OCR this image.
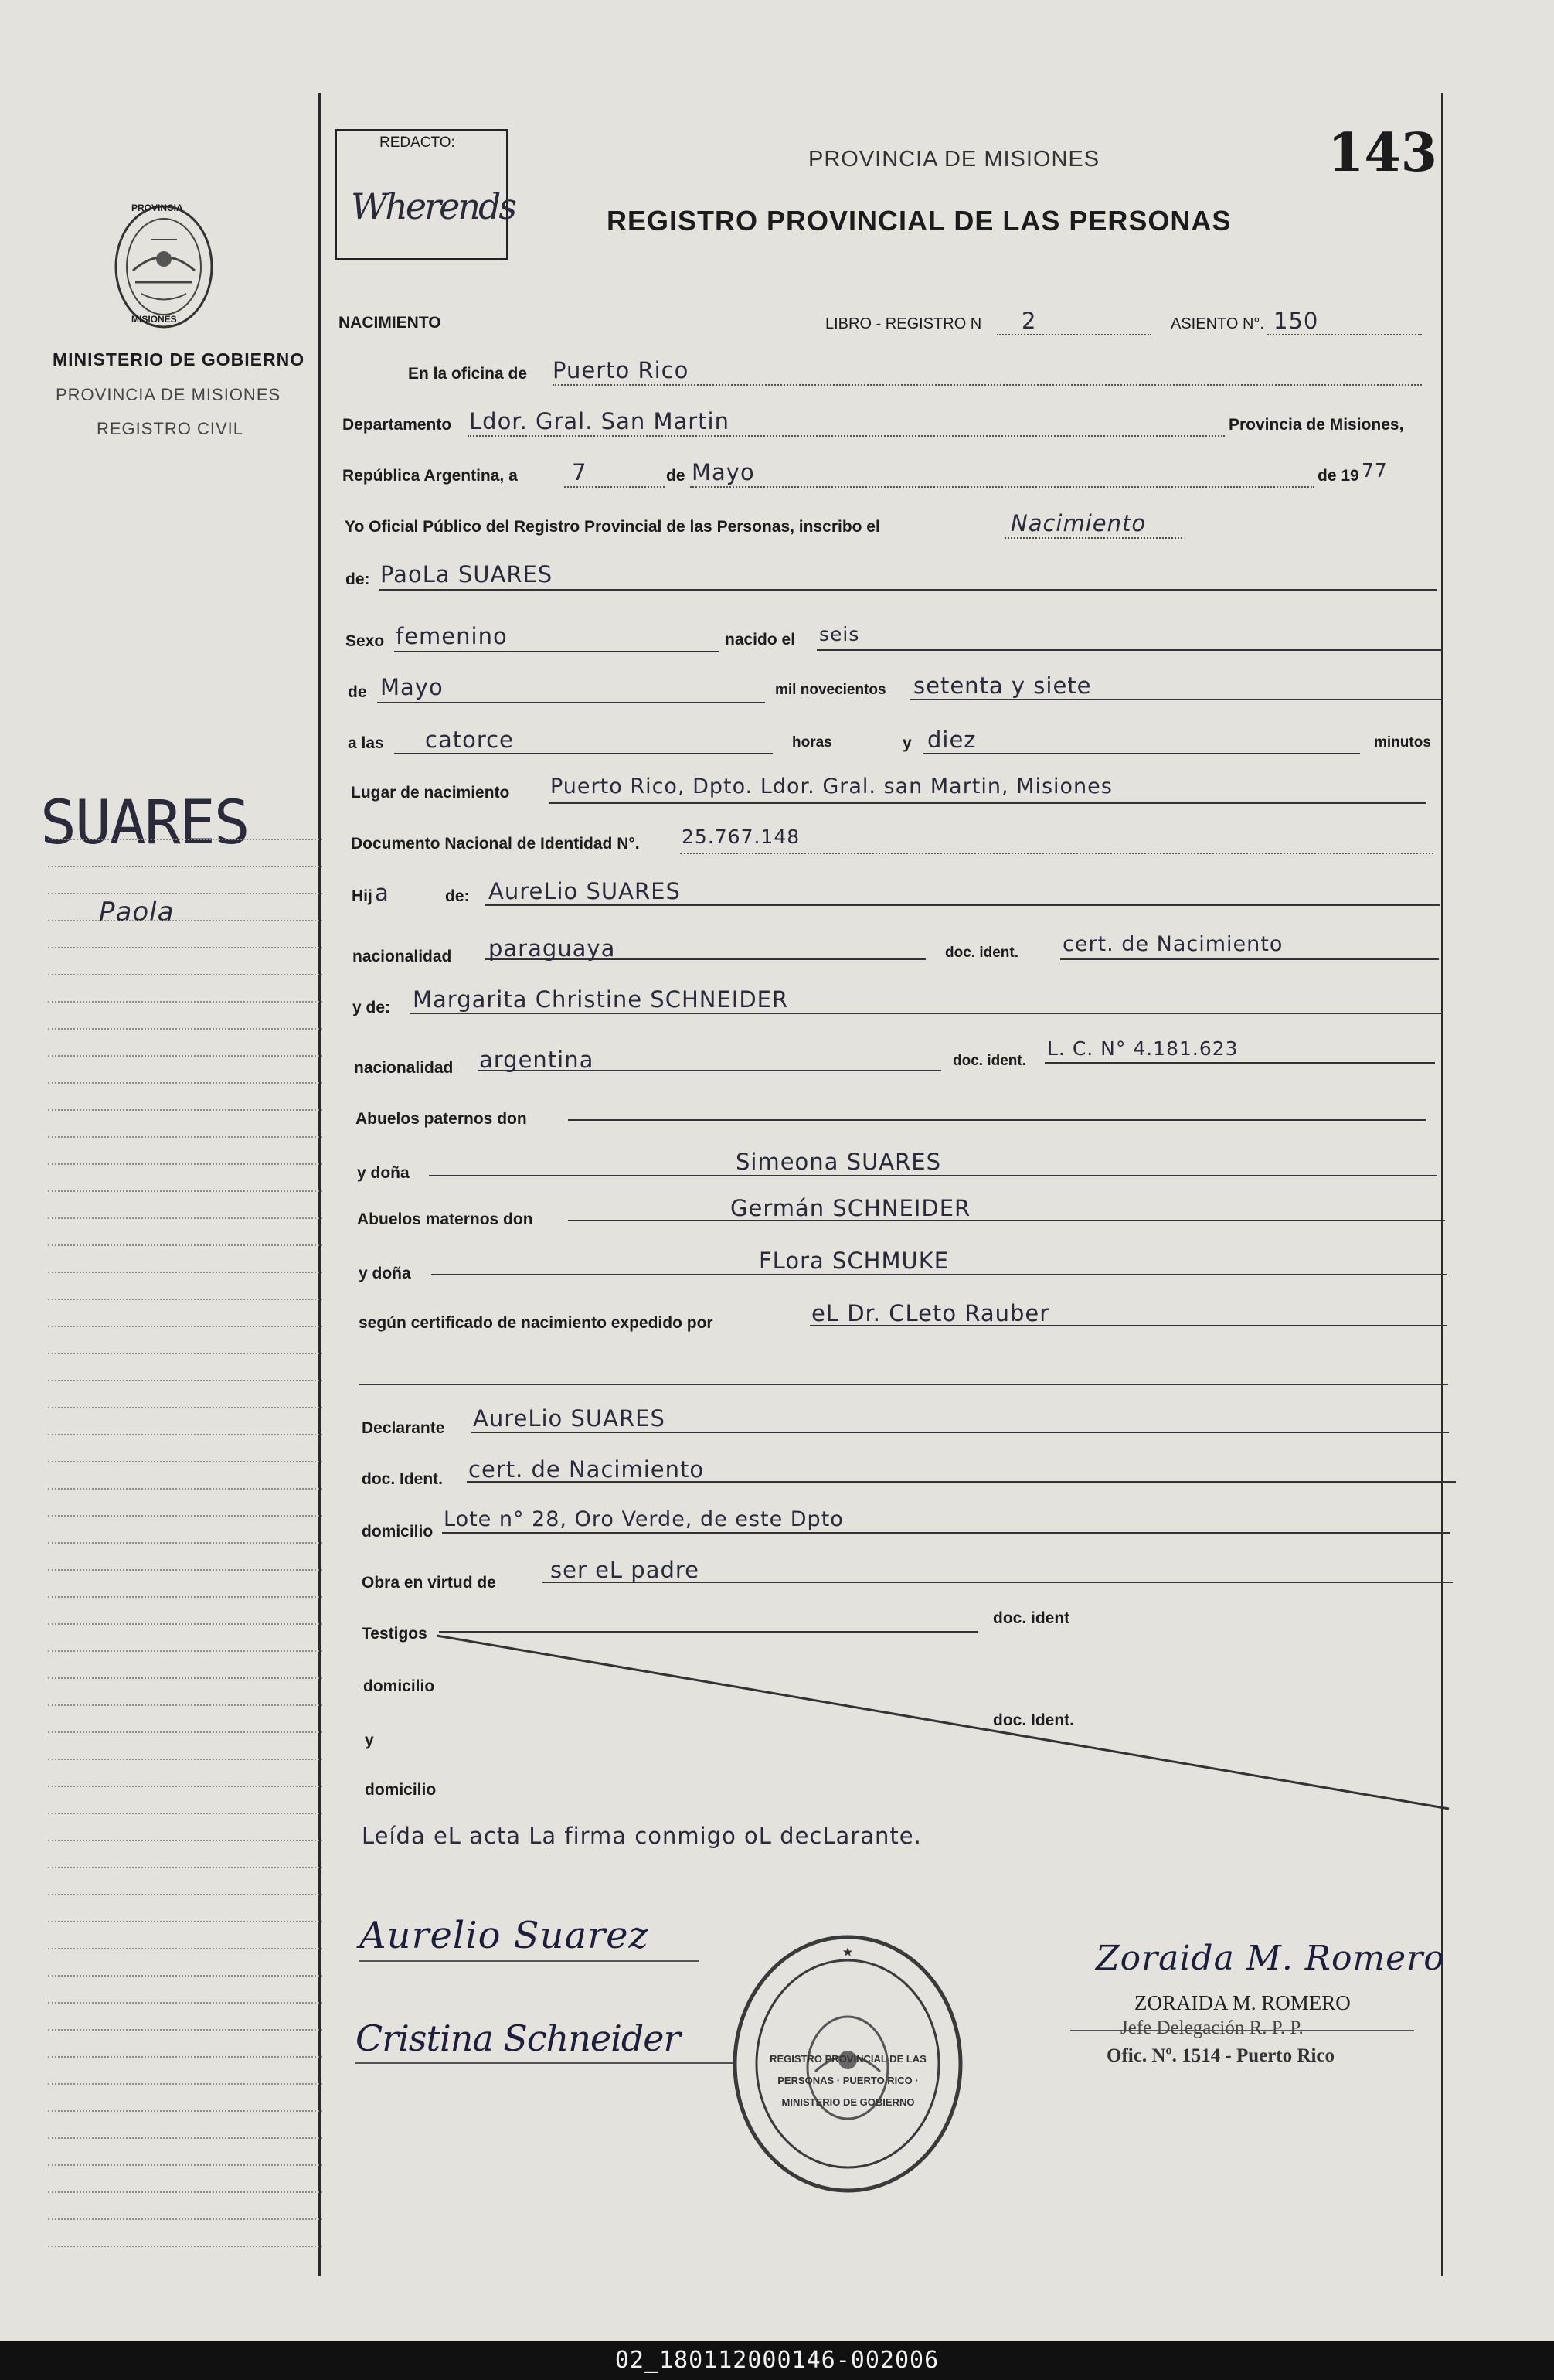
PROVINCIA
MISIONES
MINISTERIO DE GOBIERNO
PROVINCIA DE MISIONES
REGISTRO CIVIL
SUARES
Paola
REDACTO:
Wherends
PROVINCIA DE MISIONES
REGISTRO PROVINCIAL DE LAS PERSONAS
143
NACIMIENTO	LIBRO - REGISTRO N 2	ASIENTO N°. 150
En la oficina de Puerto Rico
Departamento Ldor. Gral. San Martin	Provincia de Misiones,
República Argentina, a 7	de Mayo	de 19 77
Yo Oficial Público del Registro Provincial de las Personas, inscribo el	Nacimiento
de: PaoLa SUARES
Sexo femenino	nacido el seis
de Mayo	mil novecientos setenta y siete
a las catorce	horas	y diez	minutos
Lugar de nacimiento Puerto Rico, Dpto. Ldor. Gral. san Martin, Misiones
Documento Nacional de Identidad N°. 25.767.148
Hij a	de: AureLio SUARES
nacionalidad paraguaya	doc. ident. cert. de Nacimiento
y de: Margarita Christine SCHNEIDER
nacionalidad argentina	doc. ident.
L. C. N° 4.181.623
Abuelos paternos don
y doña	Simeona SUARES
Abuelos maternos don	Germán SCHNEIDER
y doña	FLora SCHMUKE
según certificado de nacimiento expedido por	eL Dr. CLeto Rauber
Declarante AureLio SUARES
doc. Ident. cert. de Nacimiento
domicilio
Lote n° 28, Oro Verde, de este Dpto
Obra en virtud de ser eL padre
Testigos
doc. ident
domicilio
doc. Ident.
y
domicilio
Leída eL acta La firma conmigo oL decLarante.
Aurelio Suarez
Cristina Schneider
★
REGISTRO PROVINCIAL DE LAS PERSONAS · PUERTO RICO · MINISTERIO DE GOBIERNO
Zoraida M. Romero
ZORAIDA M. ROMERO
Jefe Delegación R. P. P.
Ofic. Nº. 1514 - Puerto Rico
02_180112000146-002006
